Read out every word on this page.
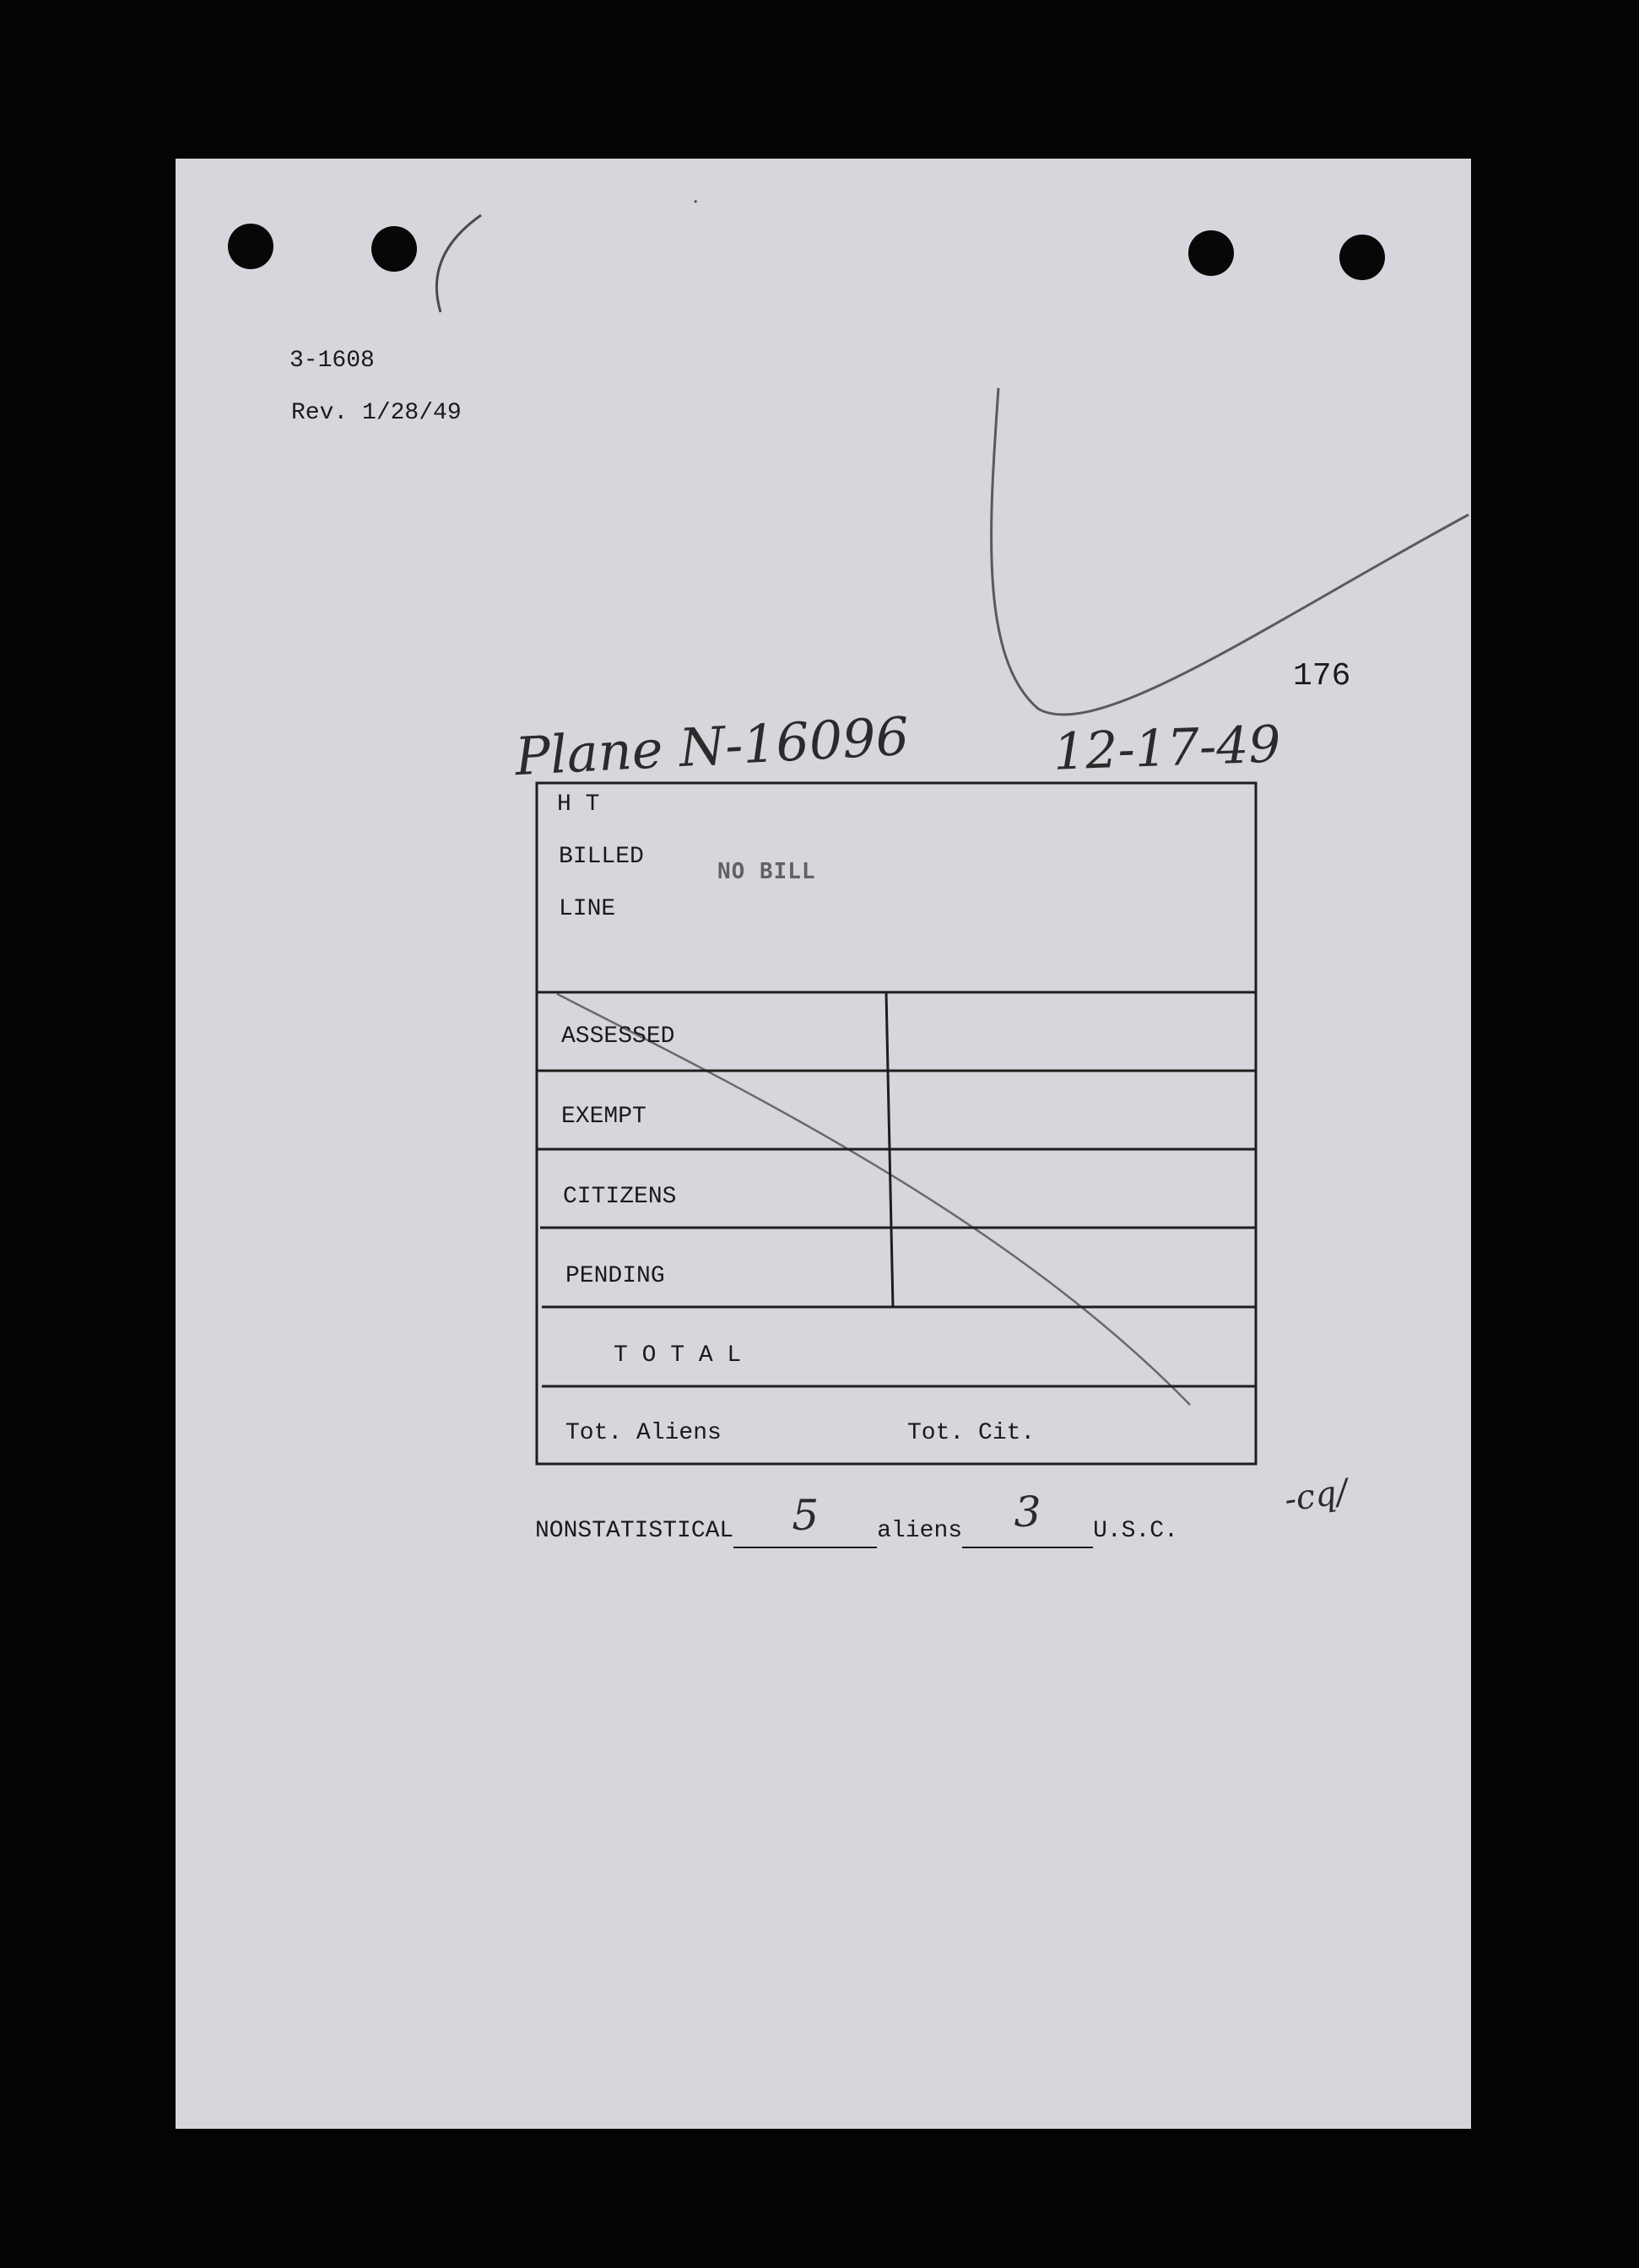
3-1608
Rev. 1/28/49
176
.
Plane N-16096	12-17-49
H T
BILLED
LINE
NO BILL
ASSESSED
EXEMPT
CITIZENS
PENDING
T O T A L
Tot. Aliens	Tot. Cit.
NONSTATISTICAL 5 aliens 3 U.S.C.
-cq/
